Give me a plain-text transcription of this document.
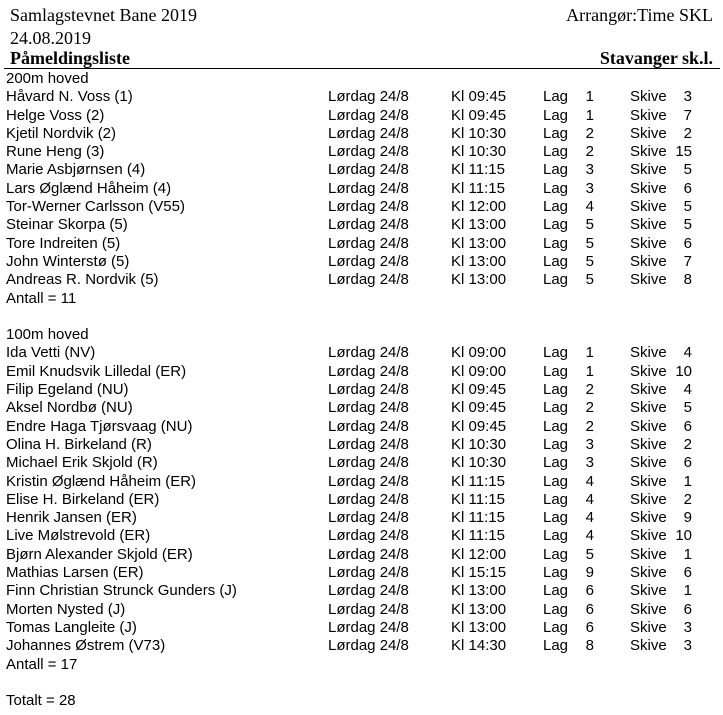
Samlagstevnet Bane 2019	Arrangør:Time SKL
24.08.2019
Påmeldingsliste	Stavanger sk.l.
200m hoved
Håvard N. Voss (1)	Lørdag 24/8	Kl 09:45 Lag	1 Skive	3
Helge Voss (2)	Lørdag 24/8	Kl 09:45 Lag	1 Skive	7
Kjetil Nordvik (2)	Lørdag 24/8	Kl 10:30 Lag	2 Skive	2
Rune Heng (3)	Lørdag 24/8	Kl 10:30 Lag	2 Skive 15
Marie Asbjørnsen (4)	Lørdag 24/8	Kl 11:15	Lag	3 Skive	5
Lars Øglænd Håheim (4)	Lørdag 24/8	Kl 11:15	Lag	3 Skive	6
Tor-Werner Carlsson (V55)	Lørdag 24/8	Kl 12:00 Lag	4 Skive	5
Steinar Skorpa (5)	Lørdag 24/8	Kl 13:00 Lag	5 Skive	5
Tore Indreiten (5)	Lørdag 24/8	Kl 13:00 Lag	5 Skive	6
John Winterstø (5)	Lørdag 24/8	Kl 13:00 Lag	5 Skive	7
Andreas R. Nordvik (5)	Lørdag 24/8	Kl 13:00 Lag	5 Skive	8
Antall = 11
100m hoved
Ida Vetti (NV)	Lørdag 24/8	Kl 09:00 Lag	1 Skive	4
Emil Knudsvik Lilledal (ER)	Lørdag 24/8	Kl 09:00 Lag	1 Skive 10
Filip Egeland (NU)	Lørdag 24/8	Kl 09:45 Lag	2 Skive	4
Aksel Nordbø (NU)	Lørdag 24/8	Kl 09:45 Lag	2 Skive	5
Endre Haga Tjørsvaag (NU)	Lørdag 24/8	Kl 09:45 Lag	2 Skive	6
Olina H. Birkeland (R)	Lørdag 24/8	Kl 10:30 Lag	3 Skive	2
Michael Erik Skjold (R)	Lørdag 24/8	Kl 10:30 Lag	3 Skive	6
Kristin Øglænd Håheim (ER)	Lørdag 24/8	Kl 11:15	Lag	4 Skive	1
Elise H. Birkeland (ER)	Lørdag 24/8	Kl 11:15	Lag	4 Skive	2
Henrik Jansen (ER)	Lørdag 24/8	Kl 11:15	Lag	4 Skive	9
Live Mølstrevold (ER)	Lørdag 24/8	Kl 11:15	Lag	4 Skive 10
Bjørn Alexander Skjold (ER)	Lørdag 24/8	Kl 12:00 Lag	5 Skive	1
Mathias Larsen (ER)	Lørdag 24/8	Kl 15:15 Lag	9 Skive	6
Finn Christian Strunck Gunders (J)	Lørdag 24/8	Kl 13:00 Lag	6 Skive	1
Morten Nysted (J)	Lørdag 24/8	Kl 13:00 Lag	6 Skive	6
Tomas Langleite (J)	Lørdag 24/8	Kl 13:00 Lag	6 Skive	3
Johannes Østrem (V73)	Lørdag 24/8	Kl 14:30 Lag	8 Skive	3
Antall = 17
Totalt = 28
